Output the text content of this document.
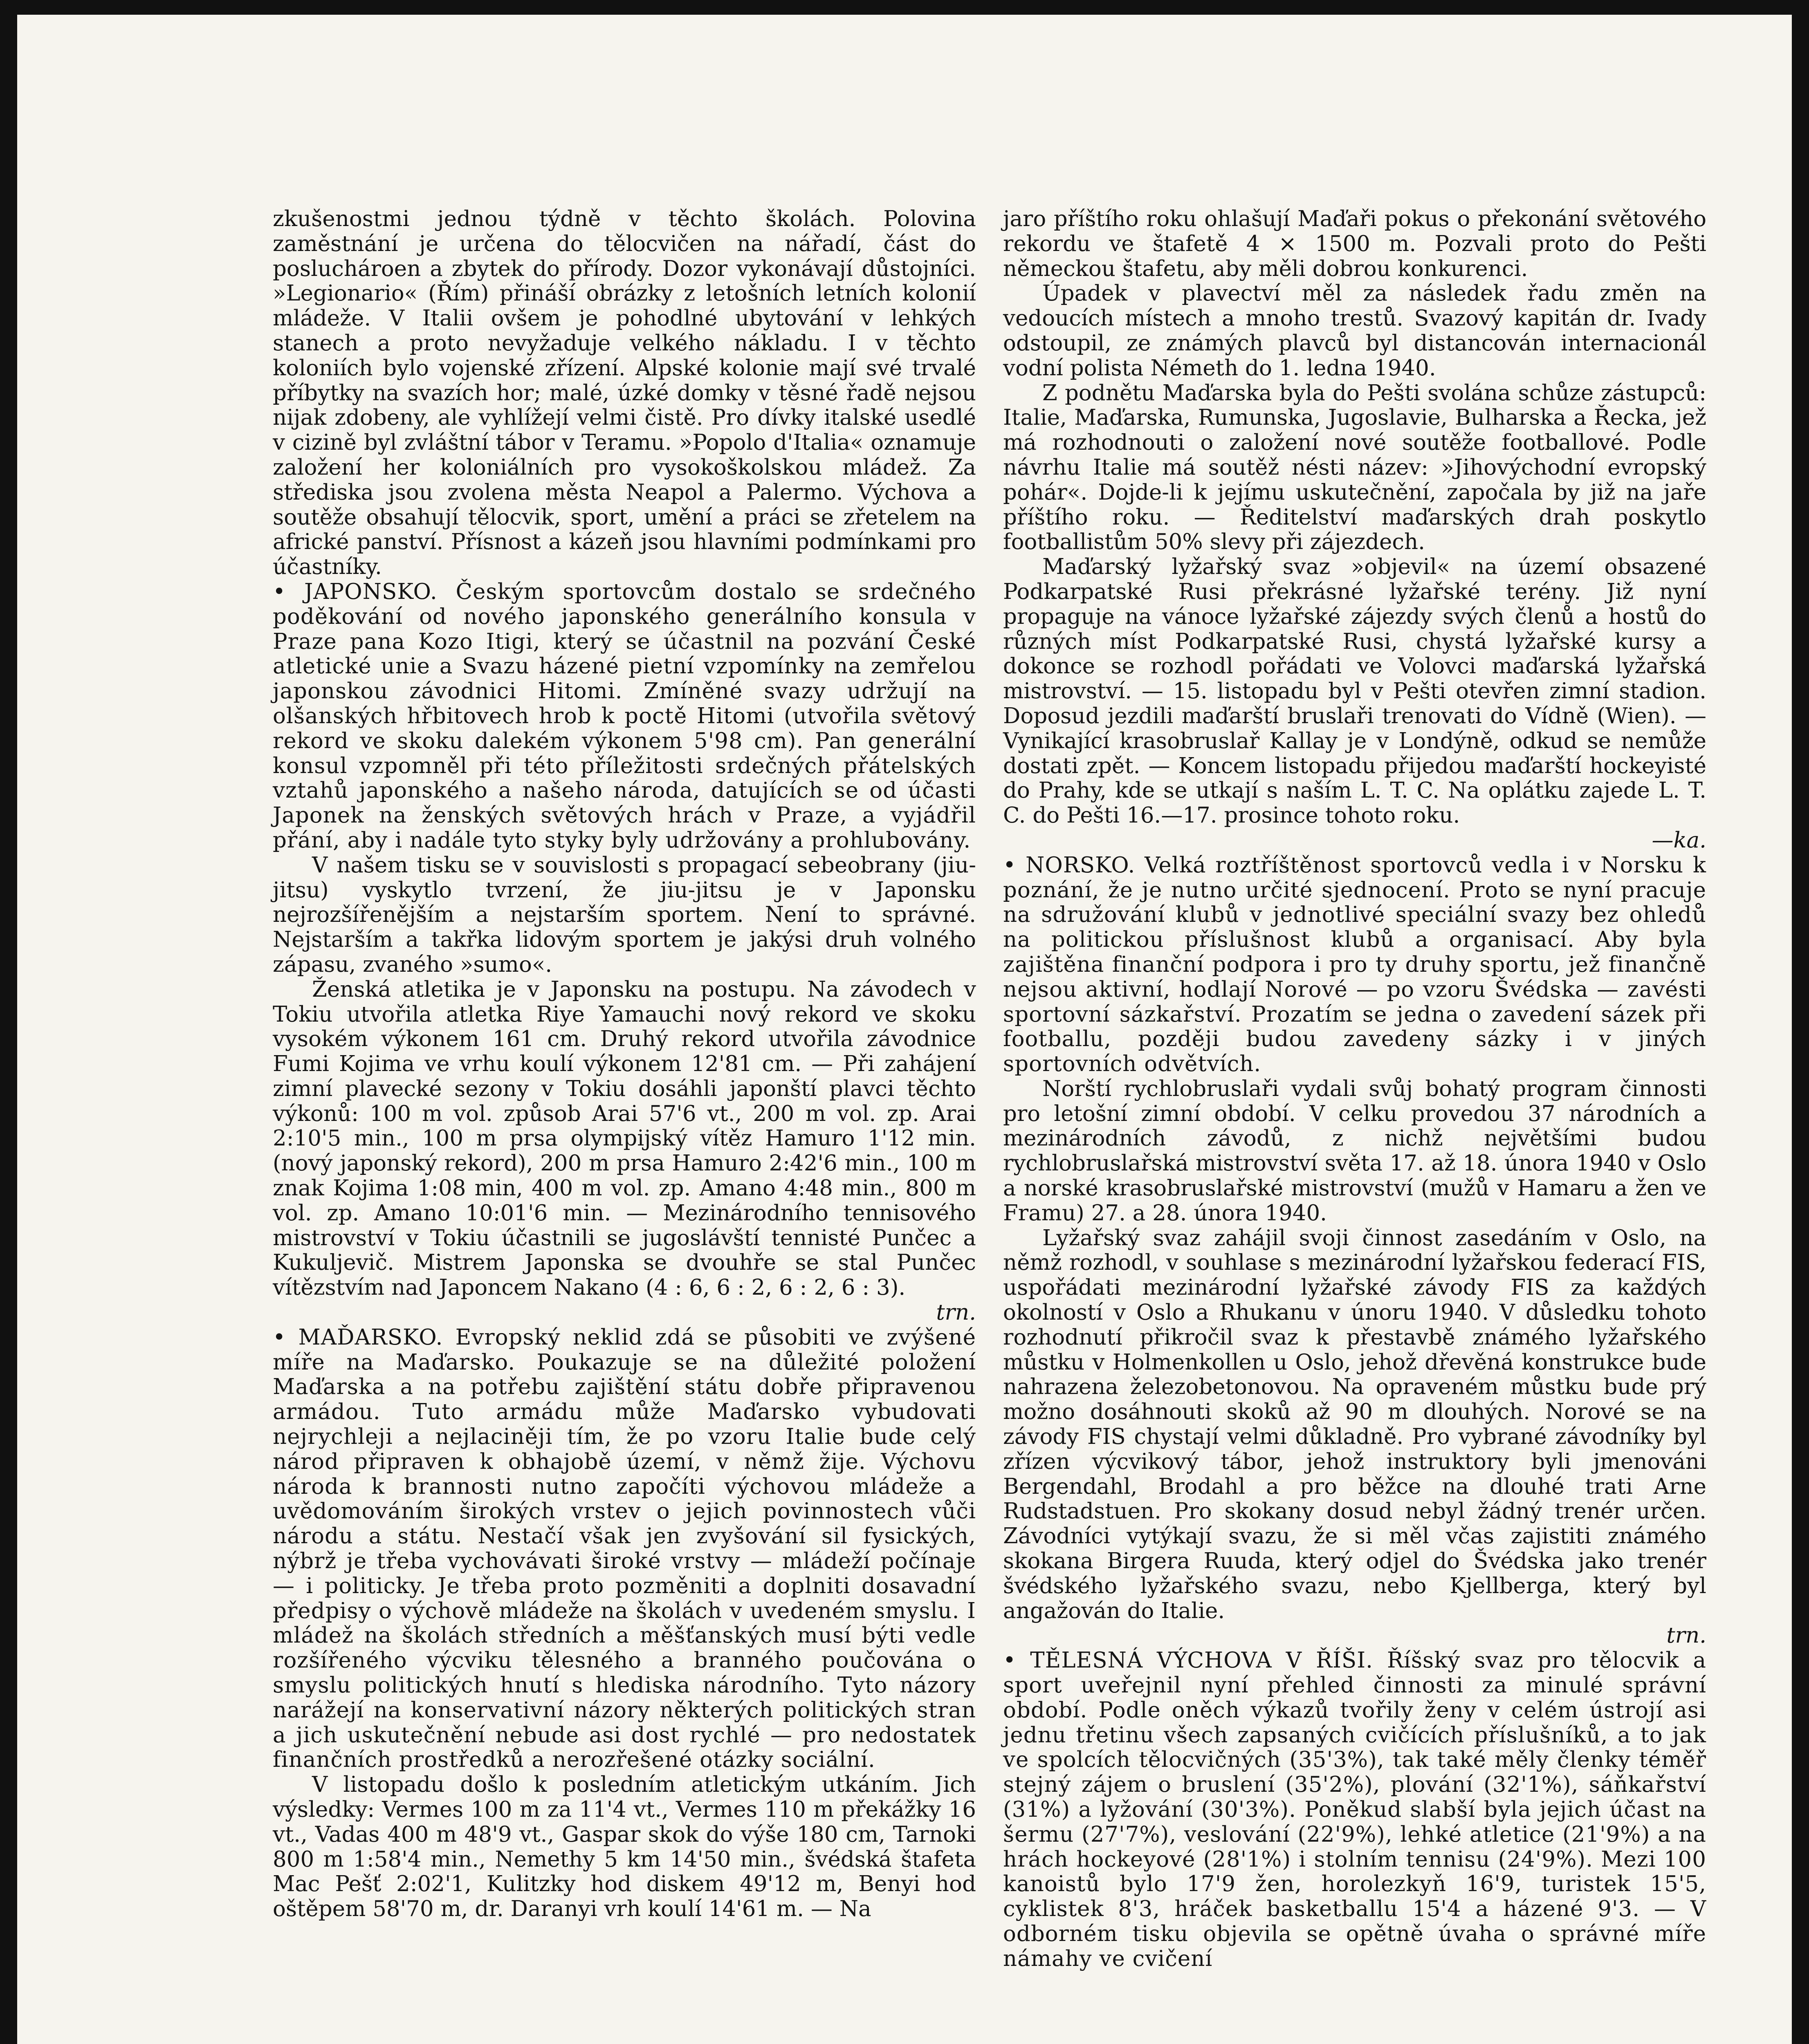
zkušenostmi jednou týdně v těchto školách. Polovina zaměstnání je určena do tělocvičen na nářadí, část do posluchároen a zbytek do přírody. Dozor vykonávají důstojníci. »Legionario« (Řím) přináší obrázky z letošních letních kolonií mládeže. V Italii ovšem je pohodlné ubytování v lehkých stanech a proto nevyžaduje velkého nákladu. I v těchto koloniích bylo vojenské zřízení. Alpské kolonie mají své trvalé příbytky na svazích hor; malé, úzké domky v těsné řadě nejsou nijak zdobeny, ale vyhlížejí velmi čistě. Pro dívky italské usedlé v cizině byl zvláštní tábor v Teramu. »Popolo d'Italia« oznamuje založení her koloniálních pro vysokoškolskou mládež. Za střediska jsou zvolena města Neapol a Palermo. Výchova a soutěže obsahují tělocvik, sport, umění a práci se zřetelem na africké panství. Přísnost a kázeň jsou hlavními podmínkami pro účastníky.

• JAPONSKO. Českým sportovcům dostalo se srdečného poděkování od nového japonského generálního konsula v Praze pana Kozo Itigi, který se účastnil na pozvání České atletické unie a Svazu házené pietní vzpomínky na zemřelou japonskou závodnici Hitomi. Zmíněné svazy udržují na olšanských hřbitovech hrob k poctě Hitomi (utvořila světový rekord ve skoku dalekém výkonem 5'98 cm). Pan generální konsul vzpomněl při této příležitosti srdečných přátelských vztahů japonského a našeho národa, datujících se od účasti Japonek na ženských světových hrách v Praze, a vyjádřil přání, aby i nadále tyto styky byly udržovány a prohlubovány.

V našem tisku se v souvislosti s propagací sebeobrany (jiu-jitsu) vyskytlo tvrzení, že jiu-jitsu je v Japonsku nejrozšířenějším a nejstarším sportem. Není to správné. Nejstarším a takřka lidovým sportem je jakýsi druh volného zápasu, zvaného »sumo«.

Ženská atletika je v Japonsku na postupu. Na závodech v Tokiu utvořila atletka Riye Yamauchi nový rekord ve skoku vysokém výkonem 161 cm. Druhý rekord utvořila závodnice Fumi Kojima ve vrhu koulí výkonem 12'81 cm. — Při zahájení zimní plavecké sezony v Tokiu dosáhli japonští plavci těchto výkonů: 100 m vol. způsob Arai 57'6 vt., 200 m vol. zp. Arai 2:10'5 min., 100 m prsa olympijský vítěz Hamuro 1'12 min. (nový japonský rekord), 200 m prsa Hamuro 2:42'6 min., 100 m znak Kojima 1:08 min, 400 m vol. zp. Amano 4:48 min., 800 m vol. zp. Amano 10:01'6 min. — Mezinárodního tennisového mistrovství v Tokiu účastnili se jugoslávští tennisté Punčec a Kukuljevič. Mistrem Japonska se dvouhře se stal Punčec vítězstvím nad Japoncem Nakano (4 : 6, 6 : 2, 6 : 2, 6 : 3).

trn.

• MAĎARSKO. Evropský neklid zdá se působiti ve zvýšené míře na Maďarsko. Poukazuje se na důležité položení Maďarska a na potřebu zajištění státu dobře připravenou armádou. Tuto armádu může Maďarsko vybudovati nejrychleji a nejlaciněji tím, že po vzoru Italie bude celý národ připraven k obhajobě území, v němž žije. Výchovu národa k brannosti nutno započíti výchovou mládeže a uvědomováním širokých vrstev o jejich povinnostech vůči národu a státu. Nestačí však jen zvyšování sil fysických, nýbrž je třeba vychovávati široké vrstvy — mládeží počínaje — i politicky. Je třeba proto pozměniti a doplniti dosavadní předpisy o výchově mládeže na školách v uvedeném smyslu. I mládež na školách středních a měšťanských musí býti vedle rozšířeného výcviku tělesného a branného poučována o smyslu politických hnutí s hlediska národního. Tyto názory narážejí na konservativní názory některých politických stran a jich uskutečnění nebude asi dost rychlé — pro nedostatek finančních prostředků a nerozřešené otázky sociální.

V listopadu došlo k posledním atletickým utkáním. Jich výsledky: Vermes 100 m za 11'4 vt., Vermes 110 m překážky 16 vt., Vadas 400 m 48'9 vt., Gaspar skok do výše 180 cm, Tarnoki 800 m 1:58'4 min., Nemethy 5 km 14'50 min., švédská štafeta Mac Pešť 2:02'1, Kulitzky hod diskem 49'12 m, Benyi hod oštěpem 58'70 m, dr. Daranyi vrh koulí 14'61 m. — Na

jaro příštího roku ohlašují Maďaři pokus o překonání světového rekordu ve štafetě 4 × 1500 m. Pozvali proto do Pešti německou štafetu, aby měli dobrou konkurenci.

Úpadek v plavectví měl za následek řadu změn na vedoucích místech a mnoho trestů. Svazový kapitán dr. Ivady odstoupil, ze známých plavců byl distancován internacionál vodní polista Németh do 1. ledna 1940.

Z podnětu Maďarska byla do Pešti svolána schůze zástupců: Italie, Maďarska, Rumunska, Jugoslavie, Bulharska a Řecka, jež má rozhodnouti o založení nové soutěže footballové. Podle návrhu Italie má soutěž nésti název: »Jihovýchodní evropský pohár«. Dojde-li k jejímu uskutečnění, započala by již na jaře příštího roku. — Ředitelství maďarských drah poskytlo footballistům 50% slevy při zájezdech.

Maďarský lyžařský svaz »objevil« na území obsazené Podkarpatské Rusi překrásné lyžařské terény. Již nyní propaguje na vánoce lyžařské zájezdy svých členů a hostů do různých míst Podkarpatské Rusi, chystá lyžařské kursy a dokonce se rozhodl pořádati ve Volovci maďarská lyžařská mistrovství. — 15. listopadu byl v Pešti otevřen zimní stadion. Doposud jezdili maďarští bruslaři trenovati do Vídně (Wien). — Vynikající krasobruslař Kallay je v Londýně, odkud se nemůže dostati zpět. — Koncem listopadu přijedou maďarští hockeyisté do Prahy, kde se utkají s naším L. T. C. Na oplátku zajede L. T. C. do Pešti 16.—17. prosince tohoto roku.

—ka.

• NORSKO. Velká roztříštěnost sportovců vedla i v Norsku k poznání, že je nutno určité sjednocení. Proto se nyní pracuje na sdružování klubů v jednotlivé speciální svazy bez ohledů na politickou příslušnost klubů a organisací. Aby byla zajištěna finanční podpora i pro ty druhy sportu, jež finančně nejsou aktivní, hodlají Norové — po vzoru Švédska — zavésti sportovní sázkařství. Prozatím se jedna o zavedení sázek při footballu, později budou zavedeny sázky i v jiných sportovních odvětvích.

Norští rychlobruslaři vydali svůj bohatý program činnosti pro letošní zimní období. V celku provedou 37 národních a mezinárodních závodů, z nichž největšími budou rychlobruslařská mistrovství světa 17. až 18. února 1940 v Oslo a norské krasobruslařské mistrovství (mužů v Hamaru a žen ve Framu) 27. a 28. února 1940.

Lyžařský svaz zahájil svoji činnost zasedáním v Oslo, na němž rozhodl, v souhlase s mezinárodní lyžařskou federací FIS, uspořádati mezinárodní lyžařské závody FIS za každých okolností v Oslo a Rhukanu v únoru 1940. V důsledku tohoto rozhodnutí přikročil svaz k přestavbě známého lyžařského můstku v Holmenkollen u Oslo, jehož dřevěná konstrukce bude nahrazena železobetonovou. Na opraveném můstku bude prý možno dosáhnouti skoků až 90 m dlouhých. Norové se na závody FIS chystají velmi důkladně. Pro vybrané závodníky byl zřízen výcvikový tábor, jehož instruktory byli jmenováni Bergendahl, Brodahl a pro běžce na dlouhé trati Arne Rudstadstuen. Pro skokany dosud nebyl žádný trenér určen. Závodníci vytýkají svazu, že si měl včas zajistiti známého skokana Birgera Ruuda, který odjel do Švédska jako trenér švédského lyžařského svazu, nebo Kjellberga, který byl angažován do Italie.

trn.

• TĚLESNÁ VÝCHOVA V ŘÍŠI. Říšský svaz pro tělocvik a sport uveřejnil nyní přehled činnosti za minulé správní období. Podle oněch výkazů tvořily ženy v celém ústrojí asi jednu třetinu všech zapsaných cvičících příslušníků, a to jak ve spolcích tělocvičných (35'3%), tak také měly členky téměř stejný zájem o bruslení (35'2%), plování (32'1%), sáňkařství (31%) a lyžování (30'3%). Poněkud slabší byla jejich účast na šermu (27'7%), veslování (22'9%), lehké atletice (21'9%) a na hrách hockeyové (28'1%) i stolním tennisu (24'9%). Mezi 100 kanoistů bylo 17'9 žen, horolezkyň 16'9, turistek 15'5, cyklistek 8'3, hráček basketballu 15'4 a házené 9'3. — V odborném tisku objevila se opětně úvaha o správné míře námahy ve cvičení
